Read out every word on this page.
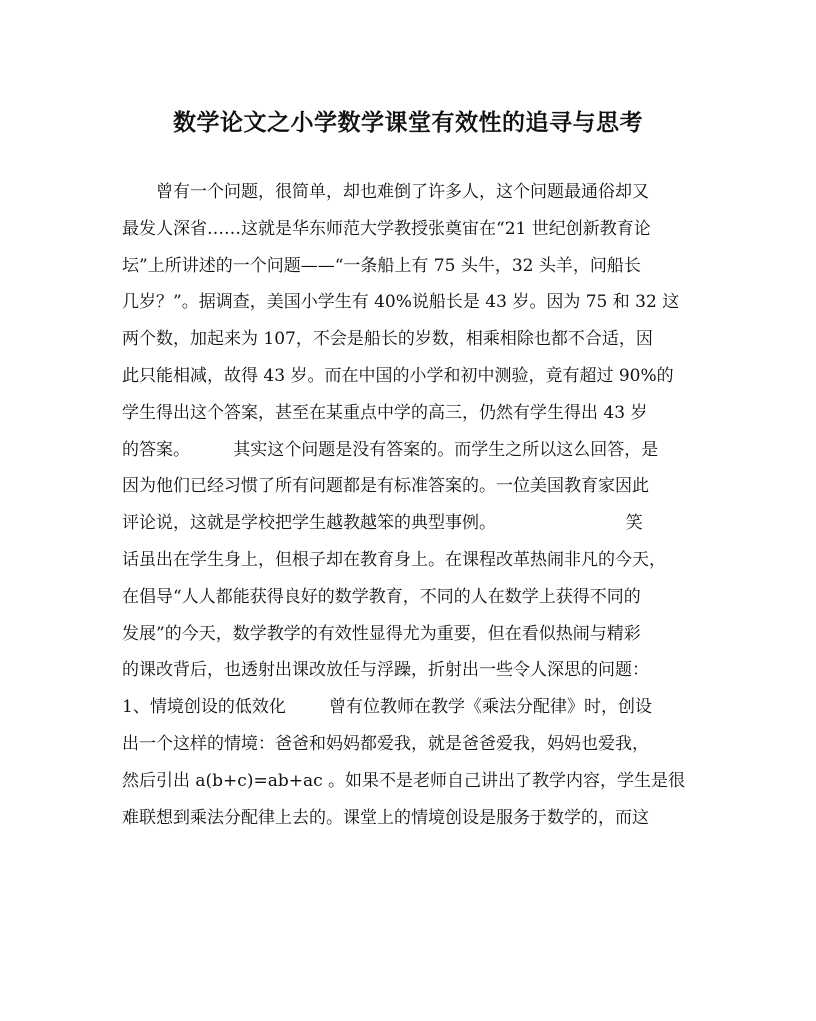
数学论文之小学数学课堂有效性的追寻与思考
曾有一个问题，很简单，却也难倒了许多人，这个问题最通俗却又
最发人深省……这就是华东师范大学教授张奠宙在“21 世纪创新教育论
坛”上所讲述的一个问题——“一条船上有 75 头牛，32 头羊，问船长
几岁？”。据调查，美国小学生有 40%说船长是 43 岁。因为 75 和 32 这
两个数，加起来为 107，不会是船长的岁数，相乘相除也都不合适，因
此只能相减，故得 43 岁。而在中国的小学和初中测验，竟有超过 90%的
学生得出这个答案，甚至在某重点中学的高三，仍然有学生得出 43 岁
的答案。        其实这个问题是没有答案的。而学生之所以这么回答，是
因为他们已经习惯了所有问题都是有标准答案的。一位美国教育家因此
评论说，这就是学校把学生越教越笨的典型事例。                        笑
话虽出在学生身上，但根子却在教育身上。在课程改革热闹非凡的今天，
在倡导“人人都能获得良好的数学教育，不同的人在数学上获得不同的
发展”的今天，数学教学的有效性显得尤为重要，但在看似热闹与精彩
的课改背后，也透射出课改放任与浮躁，折射出一些令人深思的问题：
1、情境创设的低效化        曾有位教师在教学《乘法分配律》时，创设
出一个这样的情境：爸爸和妈妈都爱我，就是爸爸爱我，妈妈也爱我，
然后引出 a(b+c)=ab+ac 。如果不是老师自己讲出了教学内容，学生是很
难联想到乘法分配律上去的。课堂上的情境创设是服务于数学的，而这
